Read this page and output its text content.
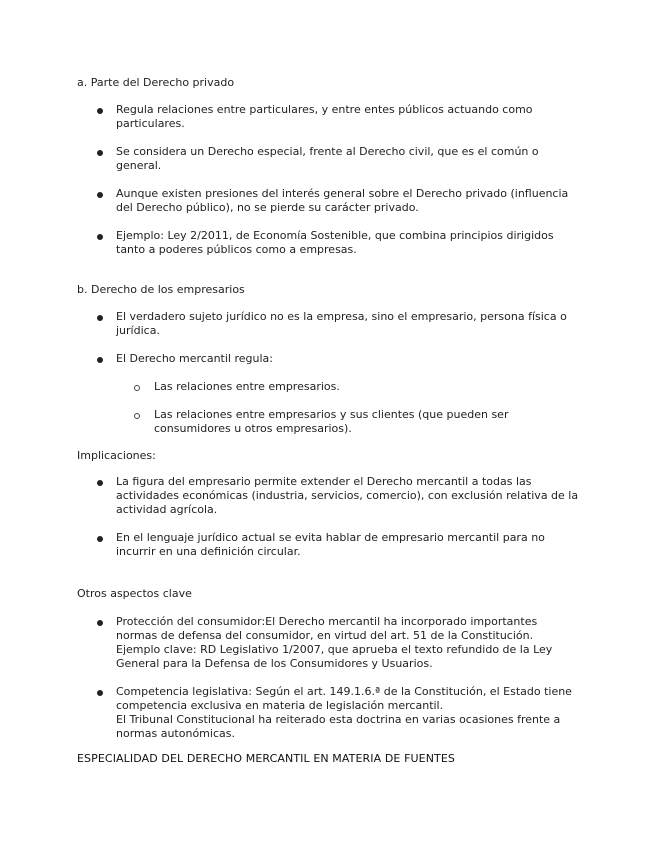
a. Parte del Derecho privado
Regula relaciones entre particulares, y entre entes públicos actuando como
particulares.
Se considera un Derecho especial, frente al Derecho civil, que es el común o
general.
Aunque existen presiones del interés general sobre el Derecho privado (influencia
del Derecho público), no se pierde su carácter privado.
Ejemplo: Ley 2/2011, de Economía Sostenible, que combina principios dirigidos
tanto a poderes públicos como a empresas.
b. Derecho de los empresarios
El verdadero sujeto jurídico no es la empresa, sino el empresario, persona física o
jurídica.
El Derecho mercantil regula:
Las relaciones entre empresarios.
Las relaciones entre empresarios y sus clientes (que pueden ser
consumidores u otros empresarios).
Implicaciones:
La figura del empresario permite extender el Derecho mercantil a todas las
actividades económicas (industria, servicios, comercio), con exclusión relativa de la
actividad agrícola.
En el lenguaje jurídico actual se evita hablar de empresario mercantil para no
incurrir en una definición circular.
Otros aspectos clave
Protección del consumidor:El Derecho mercantil ha incorporado importantes
normas de defensa del consumidor, en virtud del art. 51 de la Constitución.
Ejemplo clave: RD Legislativo 1/2007, que aprueba el texto refundido de la Ley
General para la Defensa de los Consumidores y Usuarios.
Competencia legislativa: Según el art. 149.1.6.ª de la Constitución, el Estado tiene
competencia exclusiva en materia de legislación mercantil.
El Tribunal Constitucional ha reiterado esta doctrina en varias ocasiones frente a
normas autonómicas.
ESPECIALIDAD DEL DERECHO MERCANTIL EN MATERIA DE FUENTES
